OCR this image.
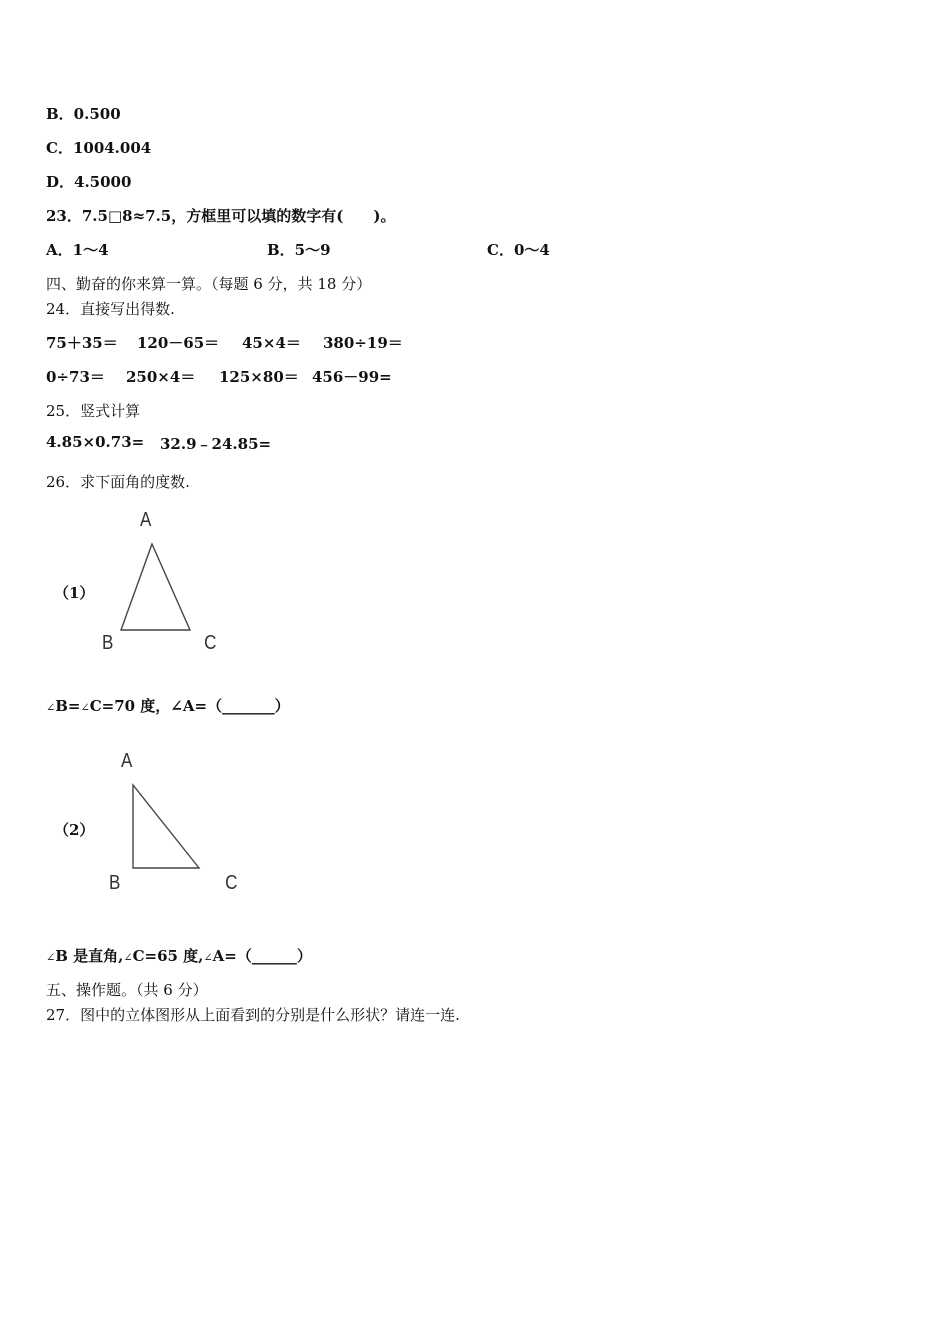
B．0.500
C．1004.004
D．4.5000
23．7.5□8≈7.5，方框里可以填的数字有(　　)。
A．1～4	B．5～9	C．0～4
四、勤奋的你来算一算。（每题 6 分，共 18 分）
24．直接写出得数.
75＋35＝ 120－65＝ 45×4＝ 380÷19＝
0÷73＝ 250×4＝ 125×80＝ 456－99=
25．竖式计算
4.85×0.73= 32.9﹣24.85=
26．求下面角的度数.
（1）
A
B	C
∠B=∠C=70 度，∠A=（_______）
（2）
A
B	C
∠B 是直角,∠C=65 度,∠A=（______）
五、操作题。（共 6 分）
27．图中的立体图形从上面看到的分别是什么形状？请连一连.
